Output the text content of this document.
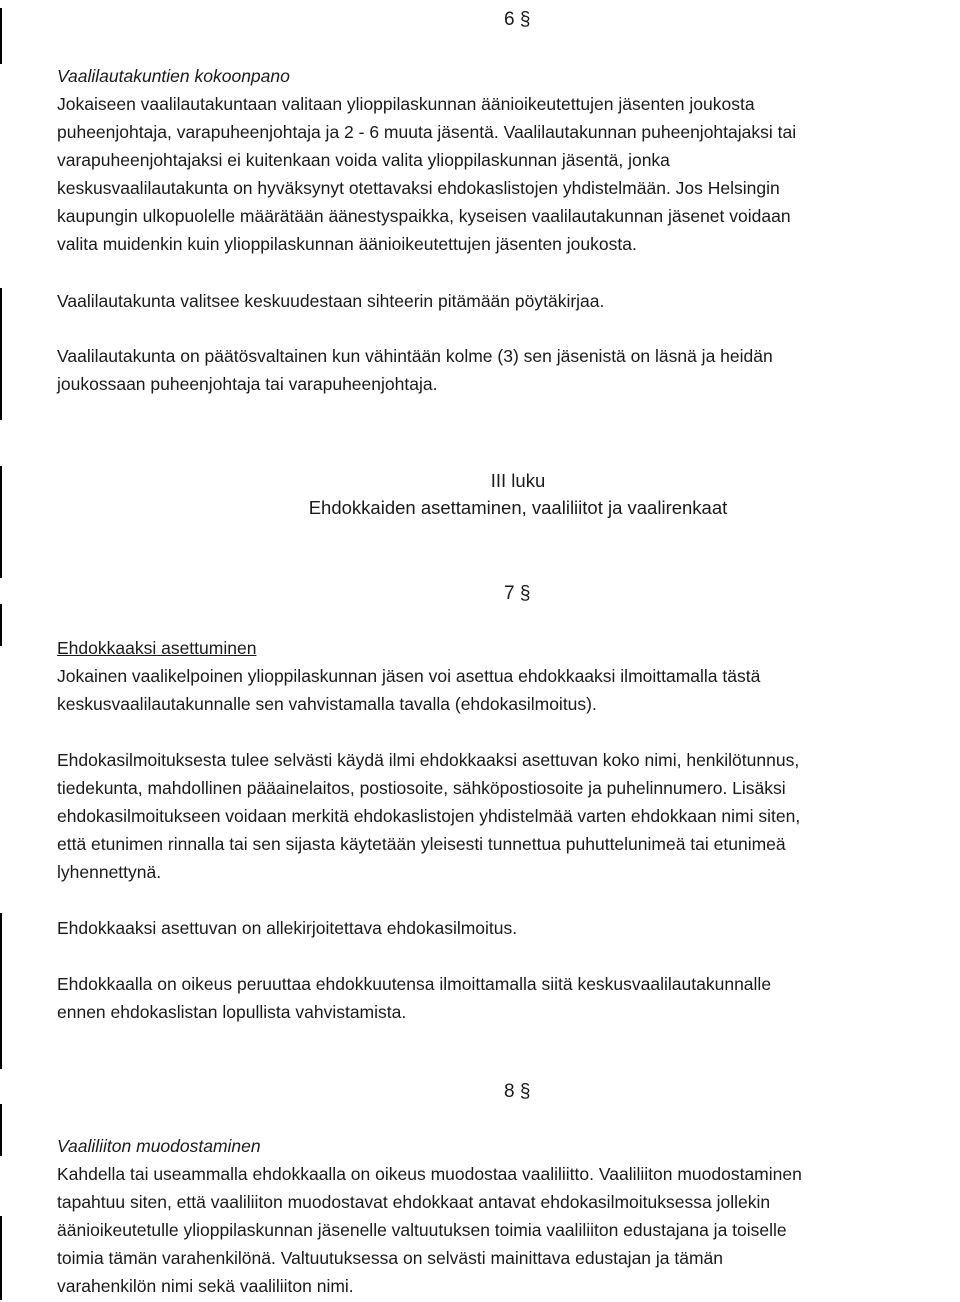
6 §

Vaalilautakuntien kokoonpano

Jokaiseen vaalilautakuntaan valitaan ylioppilaskunnan äänioikeutettujen jäsenten joukosta

puheenjohtaja, varapuheenjohtaja ja 2 - 6 muuta jäsentä. Vaalilautakunnan puheenjohtajaksi tai

varapuheenjohtajaksi ei kuitenkaan voida valita ylioppilaskunnan jäsentä, jonka

keskusvaalilautakunta on hyväksynyt otettavaksi ehdokaslistojen yhdistelmään. Jos Helsingin

kaupungin ulkopuolelle määrätään äänestyspaikka, kyseisen vaalilautakunnan jäsenet voidaan

valita muidenkin kuin ylioppilaskunnan äänioikeutettujen jäsenten joukosta.

Vaalilautakunta valitsee keskuudestaan sihteerin pitämään pöytäkirjaa.

Vaalilautakunta on päätösvaltainen kun vähintään kolme (3) sen jäsenistä on läsnä ja heidän

joukossaan puheenjohtaja tai varapuheenjohtaja.

III luku
Ehdokkaiden asettaminen, vaaliliitot ja vaalirenkaat
7 §

Ehdokkaaksi asettuminen

Jokainen vaalikelpoinen ylioppilaskunnan jäsen voi asettua ehdokkaaksi ilmoittamalla tästä

keskusvaalilautakunnalle sen vahvistamalla tavalla (ehdokasilmoitus).

Ehdokasilmoituksesta tulee selvästi käydä ilmi ehdokkaaksi asettuvan koko nimi, henkilötunnus,

tiedekunta, mahdollinen pääainelaitos, postiosoite, sähköpostiosoite ja puhelinnumero. Lisäksi

ehdokasilmoitukseen voidaan merkitä ehdokaslistojen yhdistelmää varten ehdokkaan nimi siten,

että etunimen rinnalla tai sen sijasta käytetään yleisesti tunnettua puhuttelunimeä tai etunimeä

lyhennettynä.

Ehdokkaaksi asettuvan on allekirjoitettava ehdokasilmoitus.

Ehdokkaalla on oikeus peruuttaa ehdokkuutensa ilmoittamalla siitä keskusvaalilautakunnalle

ennen ehdokaslistan lopullista vahvistamista.

8 §

Vaaliliiton muodostaminen

Kahdella tai useammalla ehdokkaalla on oikeus muodostaa vaaliliitto. Vaaliliiton muodostaminen

tapahtuu siten, että vaaliliiton muodostavat ehdokkaat antavat ehdokasilmoituksessa jollekin

äänioikeutetulle ylioppilaskunnan jäsenelle valtuutuksen toimia vaaliliiton edustajana ja toiselle

toimia tämän varahenkilönä. Valtuutuksessa on selvästi mainittava edustajan ja tämän

varahenkilön nimi sekä vaaliliiton nimi.
